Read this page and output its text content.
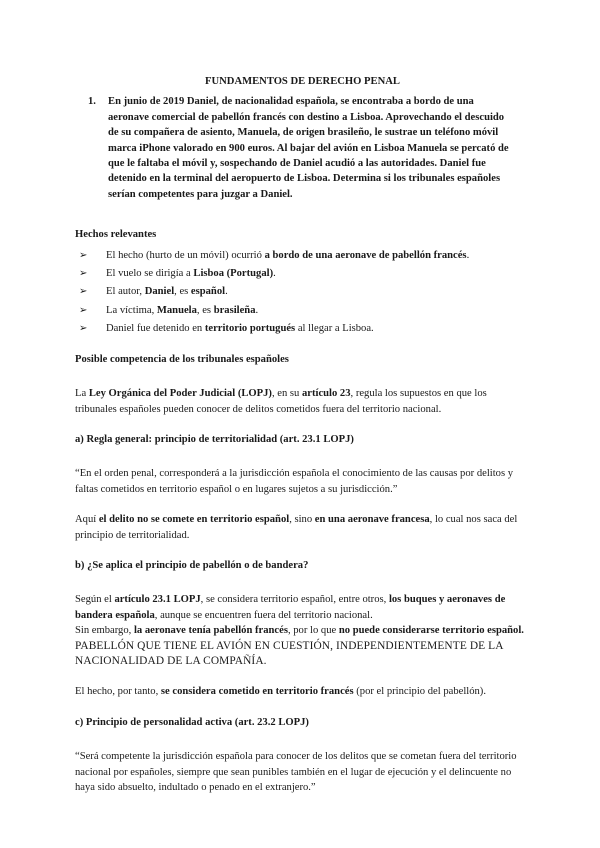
FUNDAMENTOS DE DERECHO PENAL
1.	En junio de 2019 Daniel, de nacionalidad española, se encontraba a bordo de una aeronave comercial de pabellón francés con destino a Lisboa. Aprovechando el descuido de su compañera de asiento, Manuela, de origen brasileño, le sustrae un teléfono móvil marca iPhone valorado en 900 euros. Al bajar del avión en Lisboa Manuela se percató de que le faltaba el móvil y, sospechando de Daniel acudió a las autoridades. Daniel fue detenido en la terminal del aeropuerto de Lisboa. Determina si los tribunales españoles serían competentes para juzgar a Daniel.
Hechos relevantes
➢	El hecho (hurto de un móvil) ocurrió a bordo de una aeronave de pabellón francés.
➢	El vuelo se dirigía a Lisboa (Portugal).
➢	El autor, Daniel, es español.
➢	La víctima, Manuela, es brasileña.
➢	Daniel fue detenido en territorio portugués al llegar a Lisboa.
Posible competencia de los tribunales españoles

La Ley Orgánica del Poder Judicial (LOPJ), en su artículo 23, regula los supuestos en que los tribunales españoles pueden conocer de delitos cometidos fuera del territorio nacional.

a) Regla general: principio de territorialidad (art. 23.1 LOPJ)

“En el orden penal, corresponderá a la jurisdicción española el conocimiento de las causas por delitos y faltas cometidos en territorio español o en lugares sujetos a su jurisdicción.”

Aquí el delito no se comete en territorio español, sino en una aeronave francesa, lo cual nos saca del principio de territorialidad.

b) ¿Se aplica el principio de pabellón o de bandera?

Según el artículo 23.1 LOPJ, se considera territorio español, entre otros, los buques y aeronaves de bandera española, aunque se encuentren fuera del territorio nacional.

Sin embargo, la aeronave tenía pabellón francés, por lo que no puede considerarse territorio español.

PABELLÓN QUE TIENE EL AVIÓN EN CUESTIÓN, INDEPENDIENTEMENTE DE LA NACIONALIDAD DE LA COMPAÑÍA.

El hecho, por tanto, se considera cometido en territorio francés (por el principio del pabellón).

c) Principio de personalidad activa (art. 23.2 LOPJ)

“Será competente la jurisdicción española para conocer de los delitos que se cometan fuera del territorio nacional por españoles, siempre que sean punibles también en el lugar de ejecución y el delincuente no haya sido absuelto, indultado o penado en el extranjero.”
